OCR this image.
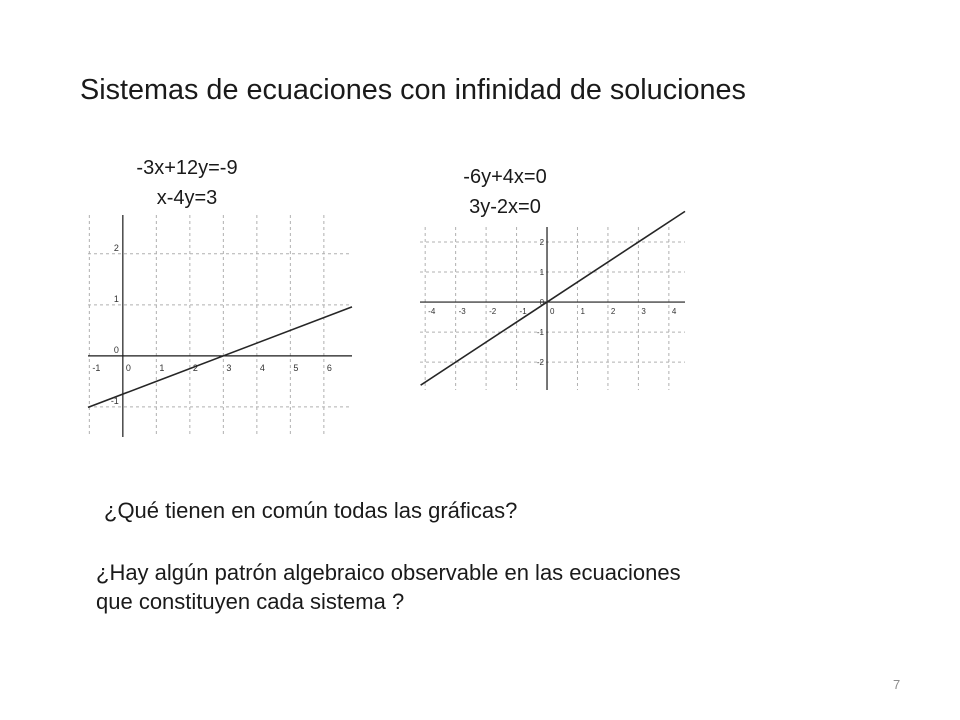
Sistemas de ecuaciones con infinidad de soluciones
-3x+12y=-9
x-4y=3
-6y+4x=0
3y-2x=0
-1	0	1	2	3	4	5	6
2
1
0
-1
-4	-3	-2	-1	0	1	2	3	4
2
1
0
-1
-2
¿Qué tienen en común todas las gráficas?
¿Hay algún patrón algebraico observable en las ecuaciones
que constituyen cada sistema ?
7
